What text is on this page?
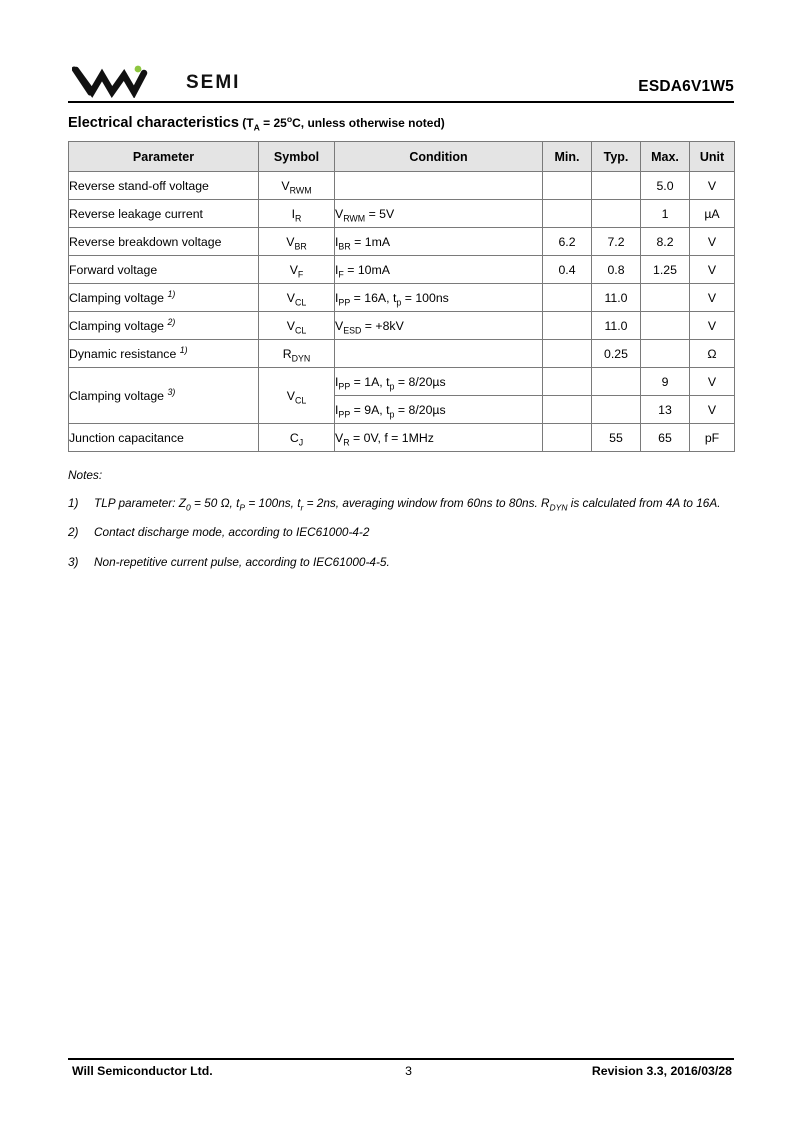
SEMI	ESDA6V1W5
Electrical characteristics ($T_A = 25^oC$, unless otherwise noted)
Parameter	Symbol	Condition	Min.	Typ.	Max.	Unit
Reverse stand-off voltage	$V_{RWM}$				5.0	V
Reverse leakage current	$I_R$	$V_{RWM} = 5V$			1	µA
Reverse breakdown voltage	$V_{BR}$	$I_{BR} = 1mA$	6.2	7.2	8.2	V
Forward voltage	$V_F$	$I_F = 10mA$	0.4	0.8	1.25	V
Clamping voltage $^{1)}$	$V_{CL}$	$I_{PP} = 16A$, $t_p = 100ns$		11.0		V
Clamping voltage $^{2)}$	$V_{CL}$	$V_{ESD} = +8kV$		11.0		V
Dynamic resistance $^{1)}$	$R_{DYN}$			0.25		Ω
Clamping voltage $^{3)}$	$V_{CL}$	$I_{PP} = 1A$, $t_p = 8/20\mu s$			9	V
		$I_{PP} = 9A$, $t_p = 8/20\mu s$			13	V
Junction capacitance	$C_J$	$V_R = 0V$, f = 1MHz		55	65	pF
Notes:
1)	TLP parameter: $Z_0 = 50$ Ω, $t_P = 100ns$, $t_r = 2ns$, averaging window from 60ns to 80ns. $R_{DYN}$ is calculated from 4A to 16A.
2)	Contact discharge mode, according to IEC61000-4-2
3)	Non-repetitive current pulse, according to IEC61000-4-5.
Will Semiconductor Ltd.	3	Revision 3.3, 2016/03/28
